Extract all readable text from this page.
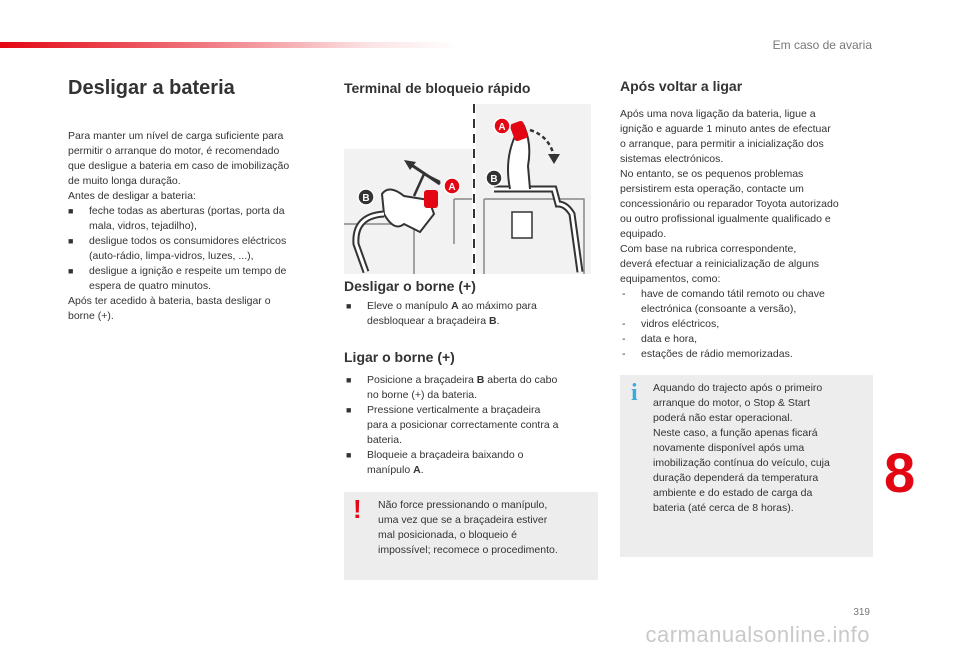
Em caso de avaria
Desligar a bateria

Para manter um nível de carga suficiente para

permitir o arranque do motor, é recomendado

que desligue a bateria em caso de imobilização

de muito longa duração.

Antes de desligar a bateria:

■ feche todas as aberturas (portas, porta da

mala, vidros, tejadilho),

■ desligue todos os consumidores eléctricos

(auto-rádio, limpa-vidros, luzes, ...),

■ desligue a ignição e respeite um tempo de

espera de quatro minutos.

Após ter acedido à bateria, basta desligar o

borne (+).

Terminal de bloqueio rápido
A
B
A
B
Desligar o borne (+)
■ Eleve o manípulo A ao máximo para

desbloquear a braçadeira B.

Ligar o borne (+)
■ Posicione a braçadeira B aberta do cabo

no borne (+) da bateria.

■ Pressione verticalmente a braçadeira

para a posicionar correctamente contra a

bateria.

■ Bloqueie a braçadeira baixando o

manípulo A.

! Não force pressionando o manípulo,
uma vez que se a braçadeira estiver
mal posicionada, o bloqueio é
impossível; recomece o procedimento.
Após voltar a ligar

Após uma nova ligação da bateria, ligue a

ignição e aguarde 1 minuto antes de efectuar

o arranque, para permitir a inicialização dos

sistemas electrónicos.

No entanto, se os pequenos problemas

persistirem esta operação, contacte um

concessionário ou reparador Toyota autorizado

ou outro profissional igualmente qualificado e

equipado.

Com base na rubrica correspondente,

deverá efectuar a reinicialização de alguns

equipamentos, como:

- have de comando tátil remoto ou chave

electrónica (consoante a versão),

- vidros eléctricos,

- data e hora,

- estações de rádio memorizadas.

i Aquando do trajecto após o primeiro
arranque do motor, o Stop & Start
poderá não estar operacional.
Neste caso, a função apenas ficará
novamente disponível após uma
imobilização contínua do veículo, cuja
duração dependerá da temperatura
ambiente e do estado de carga da
bateria (até cerca de 8 horas).
8
319
carmanualsonline.info
